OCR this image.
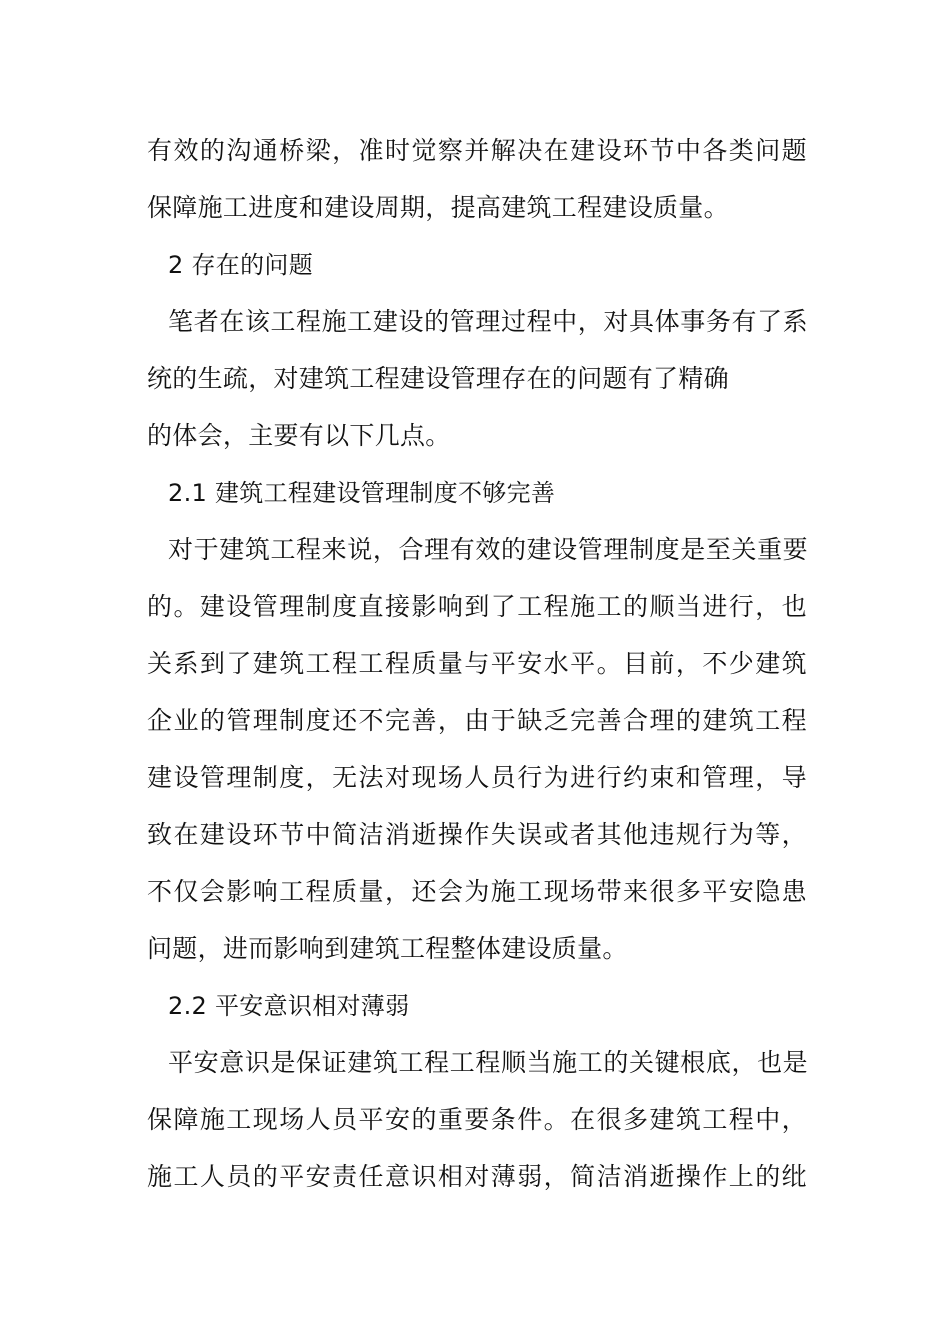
有效的沟通桥梁，准时觉察并解决在建设环节中各类问题
保障施工进度和建设周期，提高建筑工程建设质量。
2 存在的问题
笔者在该工程施工建设的管理过程中，对具体事务有了系
统的生疏，对建筑工程建设管理存在的问题有了精确
的体会，主要有以下几点。
2.1 建筑工程建设管理制度不够完善
对于建筑工程来说，合理有效的建设管理制度是至关重要
的。建设管理制度直接影响到了工程施工的顺当进行，也
关系到了建筑工程工程质量与平安水平。目前，不少建筑
企业的管理制度还不完善，由于缺乏完善合理的建筑工程
建设管理制度，无法对现场人员行为进行约束和管理，导
致在建设环节中简洁消逝操作失误或者其他违规行为等，
不仅会影响工程质量，还会为施工现场带来很多平安隐患
问题，进而影响到建筑工程整体建设质量。
2.2 平安意识相对薄弱
平安意识是保证建筑工程工程顺当施工的关键根底，也是
保障施工现场人员平安的重要条件。在很多建筑工程中，
施工人员的平安责任意识相对薄弱，简洁消逝操作上的纰
